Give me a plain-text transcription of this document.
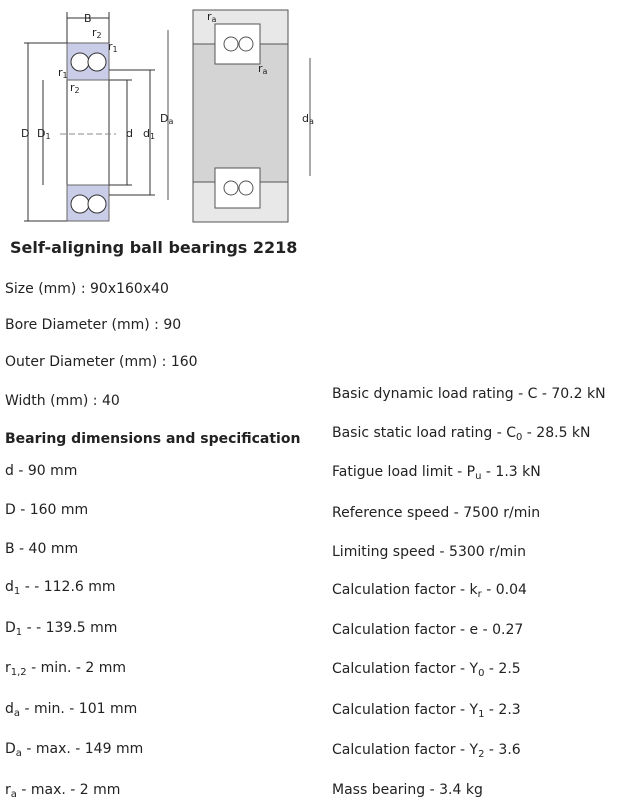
B
r2
r1
r1
r2
D D1	d d1
ra
ra
Da	da
Self-aligning ball bearings 2218
Size (mm) : 90x160x40
Bore Diameter (mm) : 90
Outer Diameter (mm) : 160
Width (mm) : 40
Bearing dimensions and specification
d - 90 mm
D - 160 mm
B - 40 mm
$d_1$ - - 112.6 mm
$D_1$ - - 139.5 mm
$r_{1,2}$ - min. - 2 mm
$d_a$ - min. - 101 mm
$D_a$ - max. - 149 mm
$r_a$ - max. - 2 mm
Basic dynamic load rating - C - 70.2 kN
Basic static load rating - $C_0 - 28.5$ kN
Fatigue load limit - $P_u - 1.3$ kN
Reference speed - 7500 r/min
Limiting speed - 5300 r/min
Calculation factor - $k_r - 0.04$
Calculation factor - e - 0.27
Calculation factor - $Y_0 - 2.5$
Calculation factor - $Y_1 - 2.3$
Calculation factor - $Y_2 - 3.6$
Mass bearing - 3.4 kg
